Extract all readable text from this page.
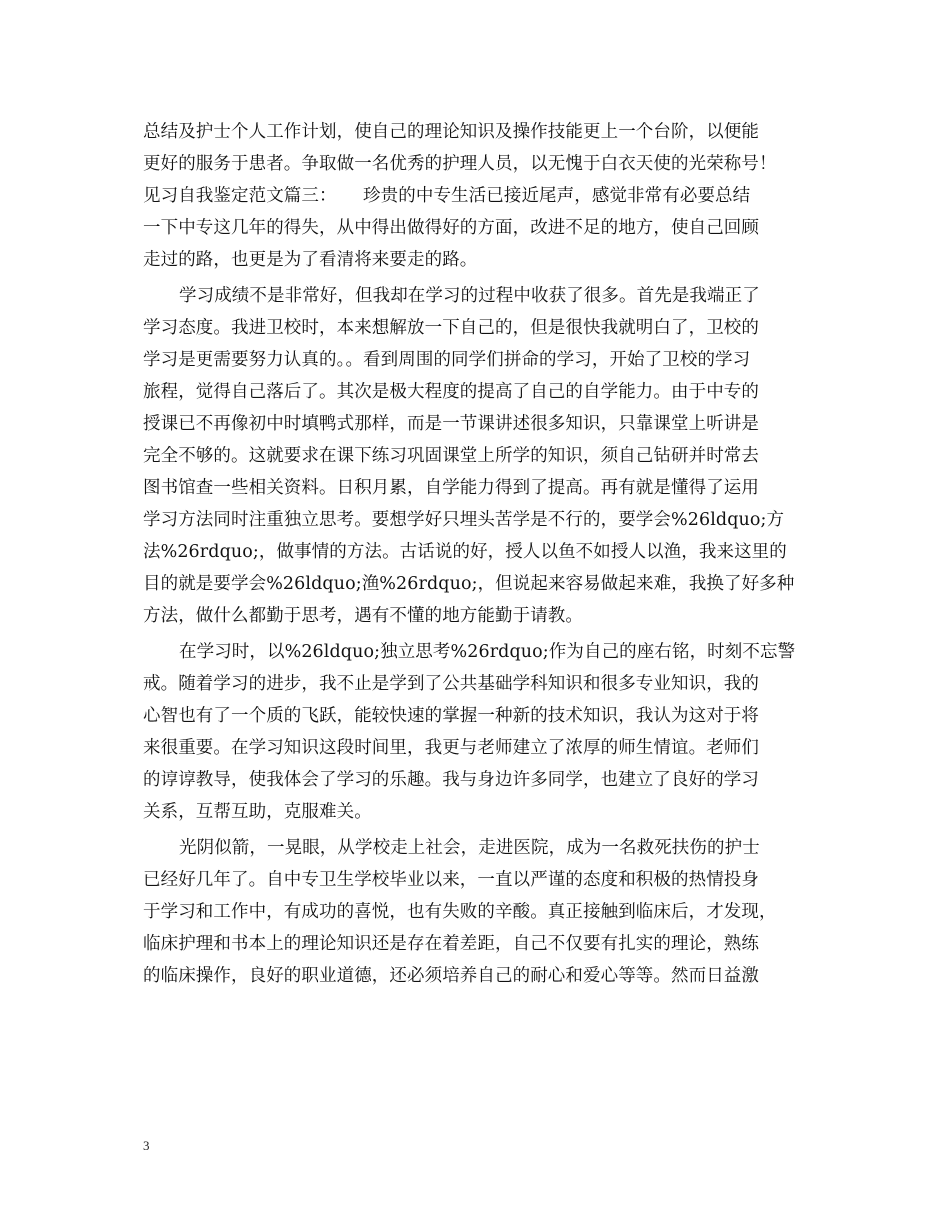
总结及护士个人工作计划，使自己的理论知识及操作技能更上一个台阶，以便能
更好的服务于患者。争取做一名优秀的护理人员，以无愧于白衣天使的光荣称号！
见习自我鉴定范文篇三：　　珍贵的中专生活已接近尾声，感觉非常有必要总结
一下中专这几年的得失，从中得出做得好的方面，改进不足的地方，使自己回顾
走过的路，也更是为了看清将来要走的路。
学习成绩不是非常好，但我却在学习的过程中收获了很多。首先是我端正了
学习态度。我进卫校时，本来想解放一下自己的，但是很快我就明白了，卫校的
学习是更需要努力认真的。。看到周围的同学们拼命的学习，开始了卫校的学习
旅程，觉得自己落后了。其次是极大程度的提高了自己的自学能力。由于中专的
授课已不再像初中时填鸭式那样，而是一节课讲述很多知识，只靠课堂上听讲是
完全不够的。这就要求在课下练习巩固课堂上所学的知识，须自己钻研并时常去
图书馆查一些相关资料。日积月累，自学能力得到了提高。再有就是懂得了运用
学习方法同时注重独立思考。要想学好只埋头苦学是不行的，要学会%26ldquo;方
法%26rdquo;，做事情的方法。古话说的好，授人以鱼不如授人以渔，我来这里的
目的就是要学会%26ldquo;渔%26rdquo;，但说起来容易做起来难，我换了好多种
方法，做什么都勤于思考，遇有不懂的地方能勤于请教。
在学习时，以%26ldquo;独立思考%26rdquo;作为自己的座右铭，时刻不忘警
戒。随着学习的进步，我不止是学到了公共基础学科知识和很多专业知识，我的
心智也有了一个质的飞跃，能较快速的掌握一种新的技术知识，我认为这对于将
来很重要。在学习知识这段时间里，我更与老师建立了浓厚的师生情谊。老师们
的谆谆教导，使我体会了学习的乐趣。我与身边许多同学，也建立了良好的学习
关系，互帮互助，克服难关。
光阴似箭，一晃眼，从学校走上社会，走进医院，成为一名救死扶伤的护士
已经好几年了。自中专卫生学校毕业以来，一直以严谨的态度和积极的热情投身
于学习和工作中，有成功的喜悦，也有失败的辛酸。真正接触到临床后，才发现，
临床护理和书本上的理论知识还是存在着差距，自己不仅要有扎实的理论，熟练
的临床操作，良好的职业道德，还必须培养自己的耐心和爱心等等。然而日益激
3
